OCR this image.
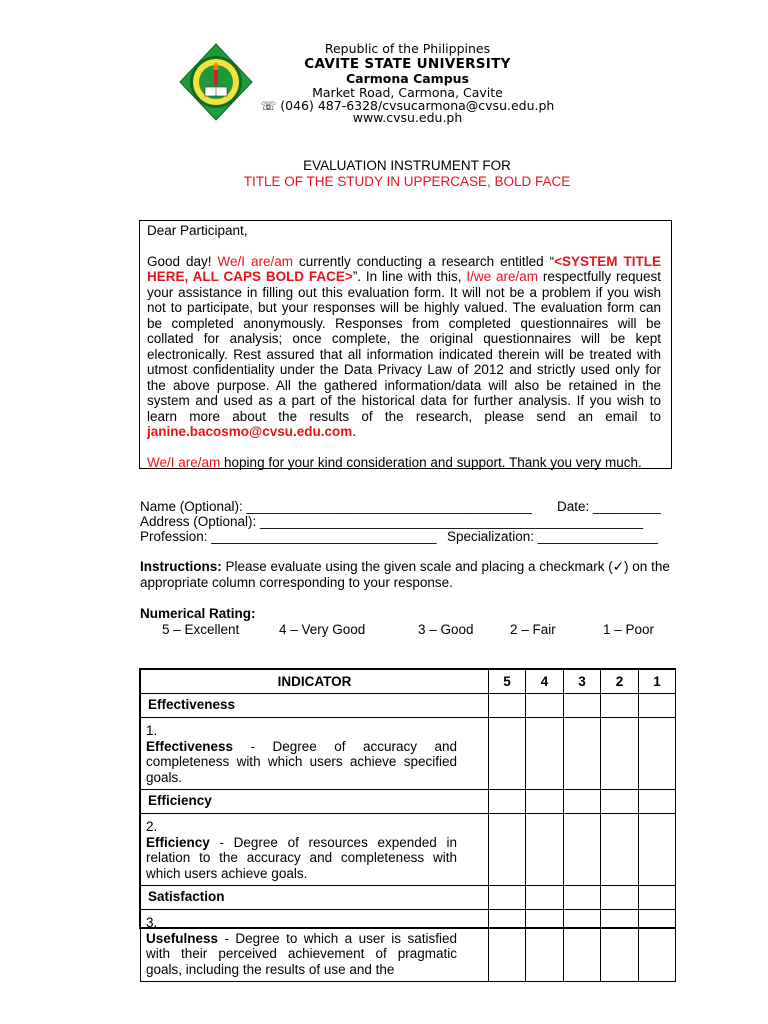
Republic of the Philippines

CAVITE STATE UNIVERSITY

Carmona Campus

Market Road, Carmona, Cavite

☏ (046) 487-6328/cvsucarmona@cvsu.edu.ph

www.cvsu.edu.ph

EVALUATION INSTRUMENT FOR

TITLE OF THE STUDY IN UPPERCASE, BOLD FACE

Dear Participant,

Good day! We/I are/am currently conducting a research entitled “<SYSTEM TITLE HERE, ALL CAPS BOLD FACE>”. In line with this, I/we are/am respectfully request your assistance in filling out this evaluation form. It will not be a problem if you wish not to participate, but your responses will be highly valued. The evaluation form can be completed anonymously. Responses from completed questionnaires will be collated for analysis; once complete, the original questionnaires will be kept electronically. Rest assured that all information indicated therein will be treated with utmost confidentiality under the Data Privacy Law of 2012 and strictly used only for the above purpose. All the gathered information/data will also be retained in the system and used as a part of the historical data for further analysis. If you wish to learn more about the results of the research, please send an email to janine.bacosmo@cvsu.edu.com.

We/I are/am hoping for your kind consideration and support. Thank you very much.

Name (Optional): ______________________________________ Date: _________

Address (Optional): ___________________________________________________

Profession: ______________________________ Specialization: ________________

Instructions: Please evaluate using the given scale and placing a checkmark (✓) on the appropriate column corresponding to your response.

Numerical Rating:

5 – Excellent	4 – Very Good	3 – Good	2 – Fair	1 – Poor

INDICATOR	5	4	3	2	1
Effectiveness					
1.Effectiveness - Degree of accuracy and completeness with which users achieve specified goals.					
Efficiency					
2.Efficiency - Degree of resources expended in relation to the accuracy and completeness with which users achieve goals.					
Satisfaction					
3.Usefulness - Degree to which a user is satisfied with their perceived achievement of pragmatic goals, including the results of use and the					
